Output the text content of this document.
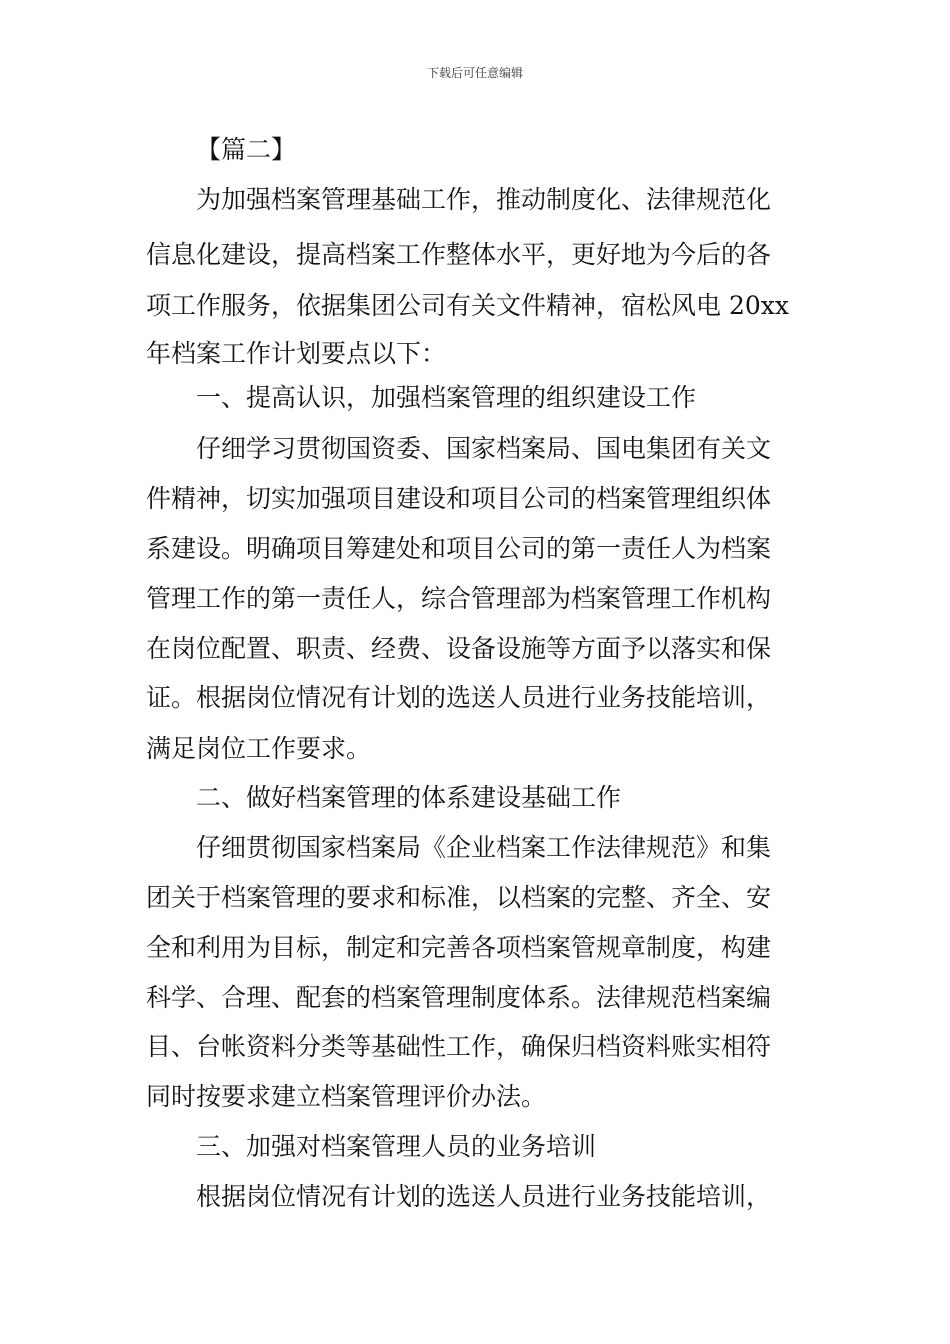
下载后可任意编辑
【篇二】
为加强档案管理基础工作，推动制度化、法律规范化
信息化建设，提高档案工作整体水平，更好地为今后的各
项工作服务，依据集团公司有关文件精神，宿松风电 20xx
年档案工作计划要点以下：
一、提高认识，加强档案管理的组织建设工作
仔细学习贯彻国资委、国家档案局、国电集团有关文
件精神，切实加强项目建设和项目公司的档案管理组织体
系建设。明确项目筹建处和项目公司的第一责任人为档案
管理工作的第一责任人，综合管理部为档案管理工作机构
在岗位配置、职责、经费、设备设施等方面予以落实和保
证。根据岗位情况有计划的选送人员进行业务技能培训，
满足岗位工作要求。
二、做好档案管理的体系建设基础工作
仔细贯彻国家档案局《企业档案工作法律规范》和集
团关于档案管理的要求和标准，以档案的完整、齐全、安
全和利用为目标，制定和完善各项档案管规章制度，构建
科学、合理、配套的档案管理制度体系。法律规范档案编
目、台帐资料分类等基础性工作，确保归档资料账实相符
同时按要求建立档案管理评价办法。
三、加强对档案管理人员的业务培训
根据岗位情况有计划的选送人员进行业务技能培训，
